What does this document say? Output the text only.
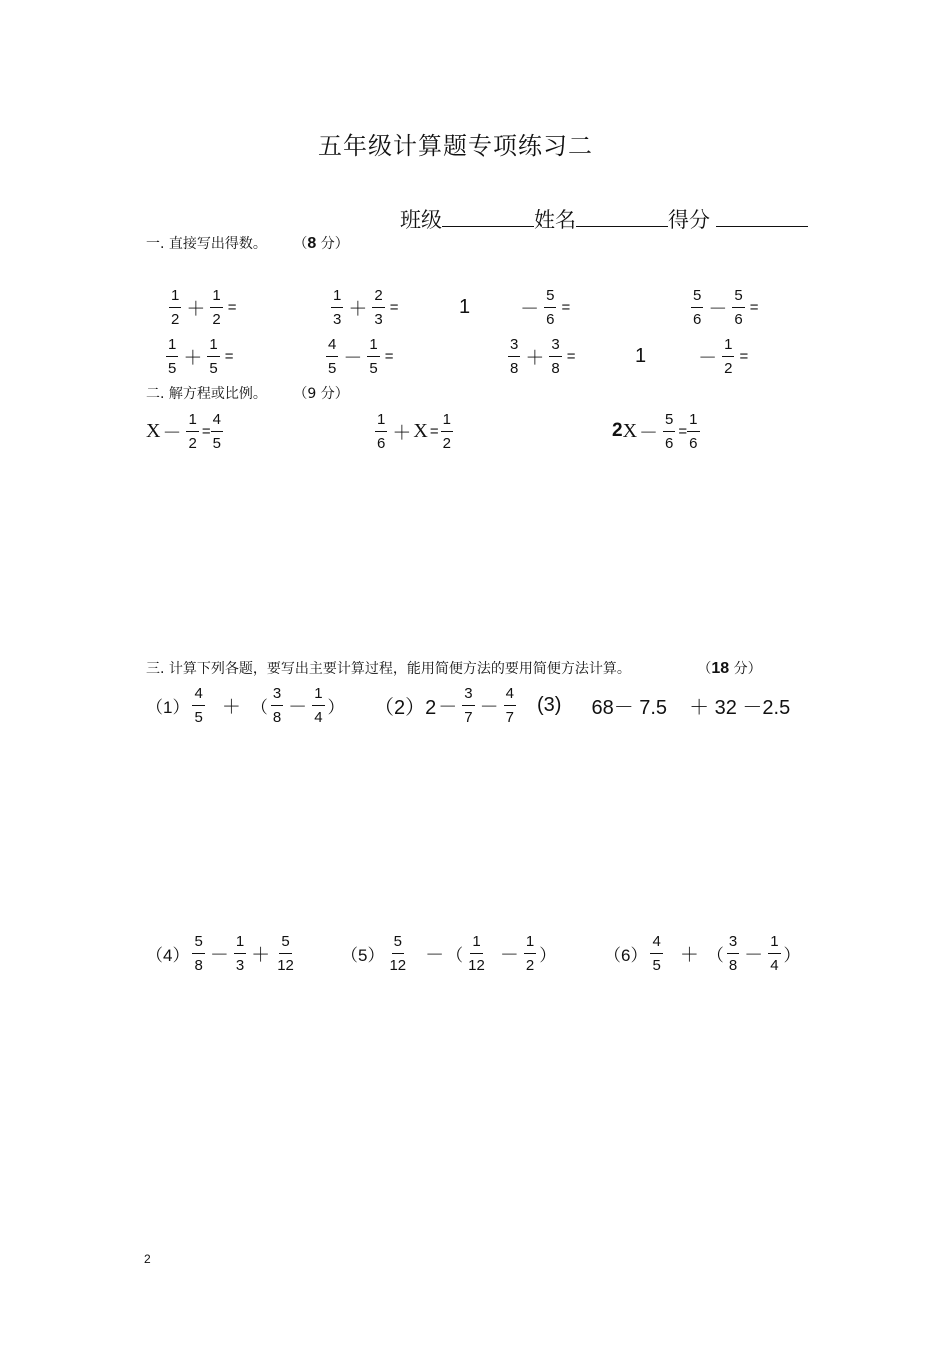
五年级计算题专项练习二
班级	姓名	得分
一. 直接写出得数。 （8 分）
$\frac{1}{2} + \frac{1}{2}$ =	$\frac{1}{3} + \frac{2}{3}$ =	1	－ $\frac{5}{6}$ =	$\frac{5}{6} - \frac{5}{6}$ =
$\frac{1}{5} + \frac{1}{5}$ =	$\frac{4}{5} - \frac{1}{5}$ =	$\frac{3}{8} + \frac{3}{8}$ =	1	－ $\frac{1}{2}$ =
二. 解方程或比例。 （9 分）
$X - \frac{1}{2} = \frac{4}{5}$	$\frac{1}{6} + X = \frac{1}{2}$	2 $X - \frac{5}{6} = \frac{1}{6}$
三. 计算下列各题，要写出主要计算过程，能用简便方法的要用简便方法计算。	（18 分）
$(1) \frac{4}{5}$ ＋ （ $\frac{3}{8} - \frac{1}{4}$ ） $(2)2 - \frac{3}{7} - \frac{4}{7} (3)$ 68－ 7.5 ＋ 32 －2.5
$(4) \frac{5}{8} - \frac{1}{3} + \frac{5}{12}$	$(5) \frac{5}{12}$ － （ $\frac{1}{12} - \frac{1}{2}$ ）	$(6) \frac{4}{5}$ ＋ （ $\frac{3}{8} - \frac{1}{4}$ ）
2
